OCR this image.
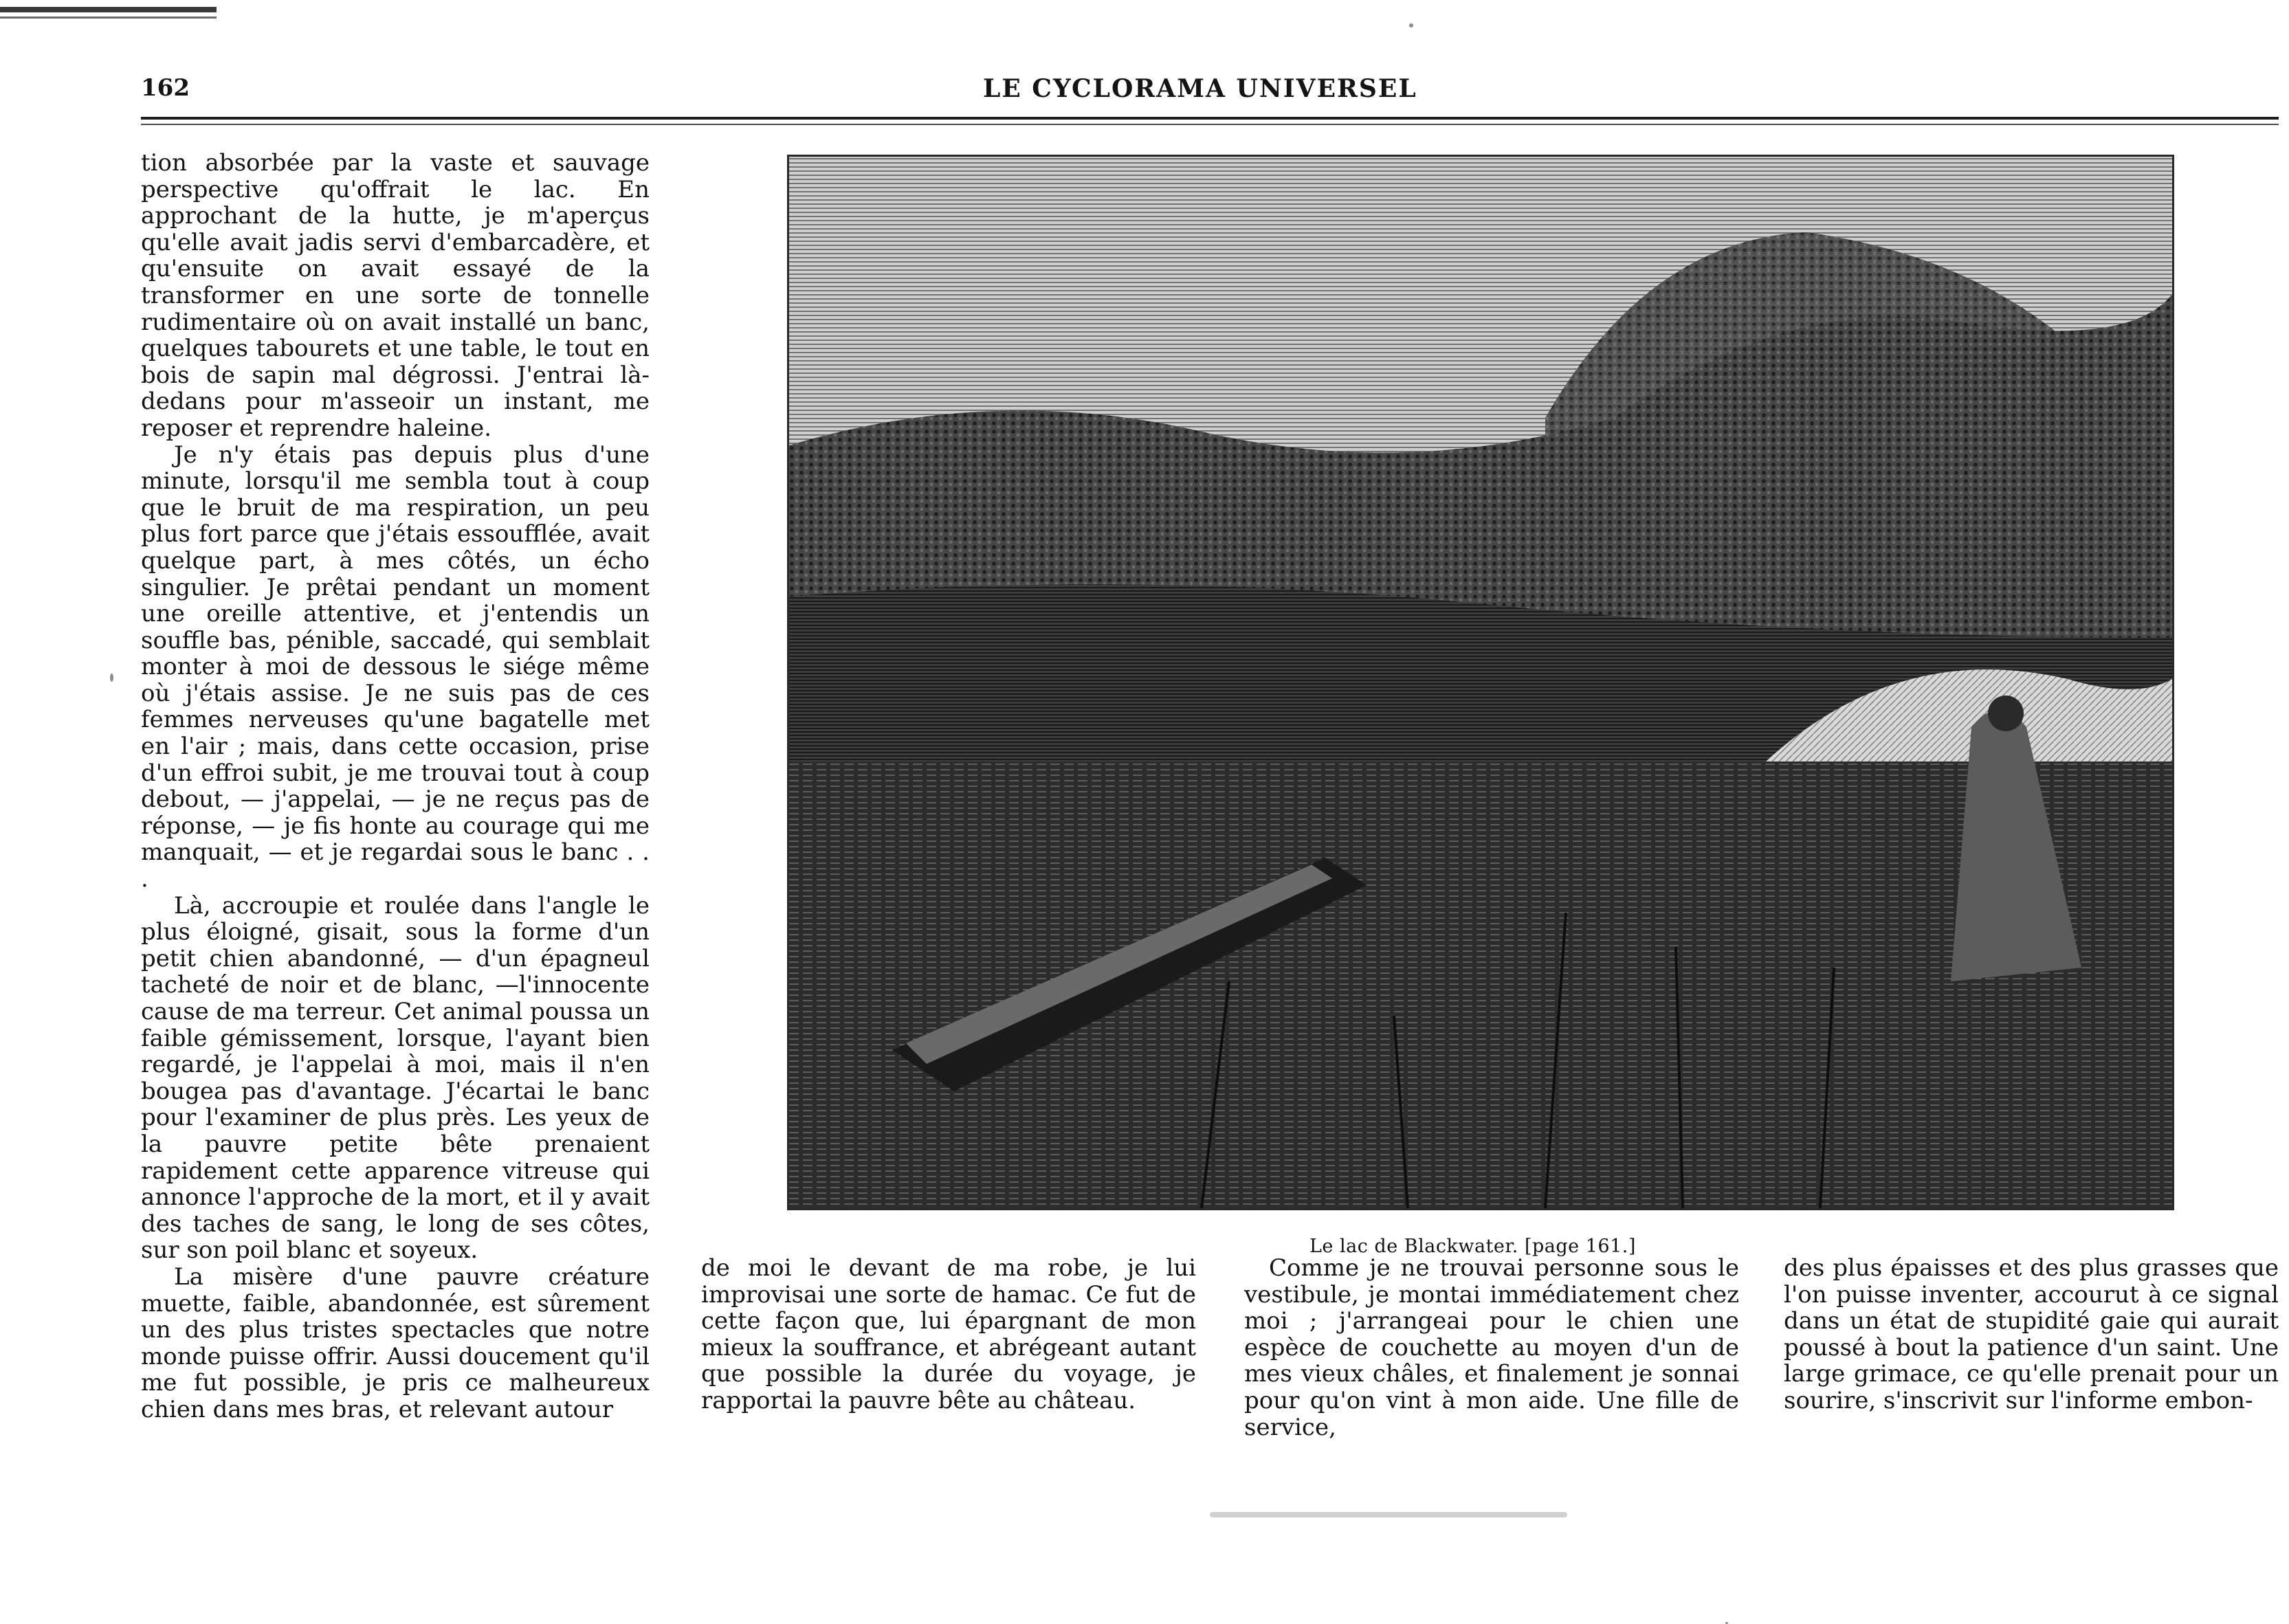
162	LE CYCLORAMA UNIVERSEL

tion absorbée par la vaste et sauvage perspective qu'offrait le lac. En approchant de la hutte, je m'aperçus qu'elle avait jadis servi d'embarcadère, et qu'ensuite on avait essayé de la transformer en une sorte de tonnelle rudimentaire où on avait installé un banc, quelques tabourets et une table, le tout en bois de sapin mal dégrossi. J'entrai là-dedans pour m'asseoir un instant, me reposer et reprendre haleine.

Je n'y étais pas depuis plus d'une minute, lorsqu'il me sembla tout à coup que le bruit de ma respiration, un peu plus fort parce que j'étais essoufflée, avait quelque part, à mes côtés, un écho singulier. Je prêtai pendant un moment une oreille attentive, et j'entendis un souffle bas, pénible, saccadé, qui semblait monter à moi de dessous le siége même où j'étais assise. Je ne suis pas de ces femmes nerveuses qu'une bagatelle met en l'air ; mais, dans cette occasion, prise d'un effroi subit, je me trouvai tout à coup debout, — j'appelai, — je ne reçus pas de réponse, — je fis honte au courage qui me manquait, — et je regardai sous le banc . . .

Là, accroupie et roulée dans l'angle le plus éloigné, gisait, sous la forme d'un petit chien abandonné, — d'un épagneul tacheté de noir et de blanc, —l'innocente cause de ma terreur. Cet animal poussa un faible gémissement, lorsque, l'ayant bien regardé, je l'appelai à moi, mais il n'en bougea pas d'avantage. J'écartai le banc pour l'examiner de plus près. Les yeux de la pauvre petite bête prenaient rapidement cette apparence vitreuse qui annonce l'approche de la mort, et il y avait des taches de sang, le long de ses côtes, sur son poil blanc et soyeux.

La misère d'une pauvre créature muette, faible, abandonnée, est sûrement un des plus tristes spectacles que notre monde puisse offrir. Aussi doucement qu'il me fut possible, je pris ce malheureux chien dans mes bras, et relevant autour

Le lac de Blackwater. [page 161.]

de moi le devant de ma robe, je lui improvisai une sorte de hamac. Ce fut de cette façon que, lui épargnant de mon mieux la souffrance, et abrégeant autant que possible la durée du voyage, je rapportai la pauvre bête au château.

Comme je ne trouvai personne sous le vestibule, je montai immédiatement chez moi ; j'arrangeai pour le chien une espèce de couchette au moyen d'un de mes vieux châles, et finalement je sonnai pour qu'on vint à mon aide. Une fille de service,

des plus épaisses et des plus grasses que l'on puisse inventer, accourut à ce signal dans un état de stupidité gaie qui aurait poussé à bout la patience d'un saint. Une large grimace, ce qu'elle prenait pour un sourire, s'inscrivit sur l'informe embon-
